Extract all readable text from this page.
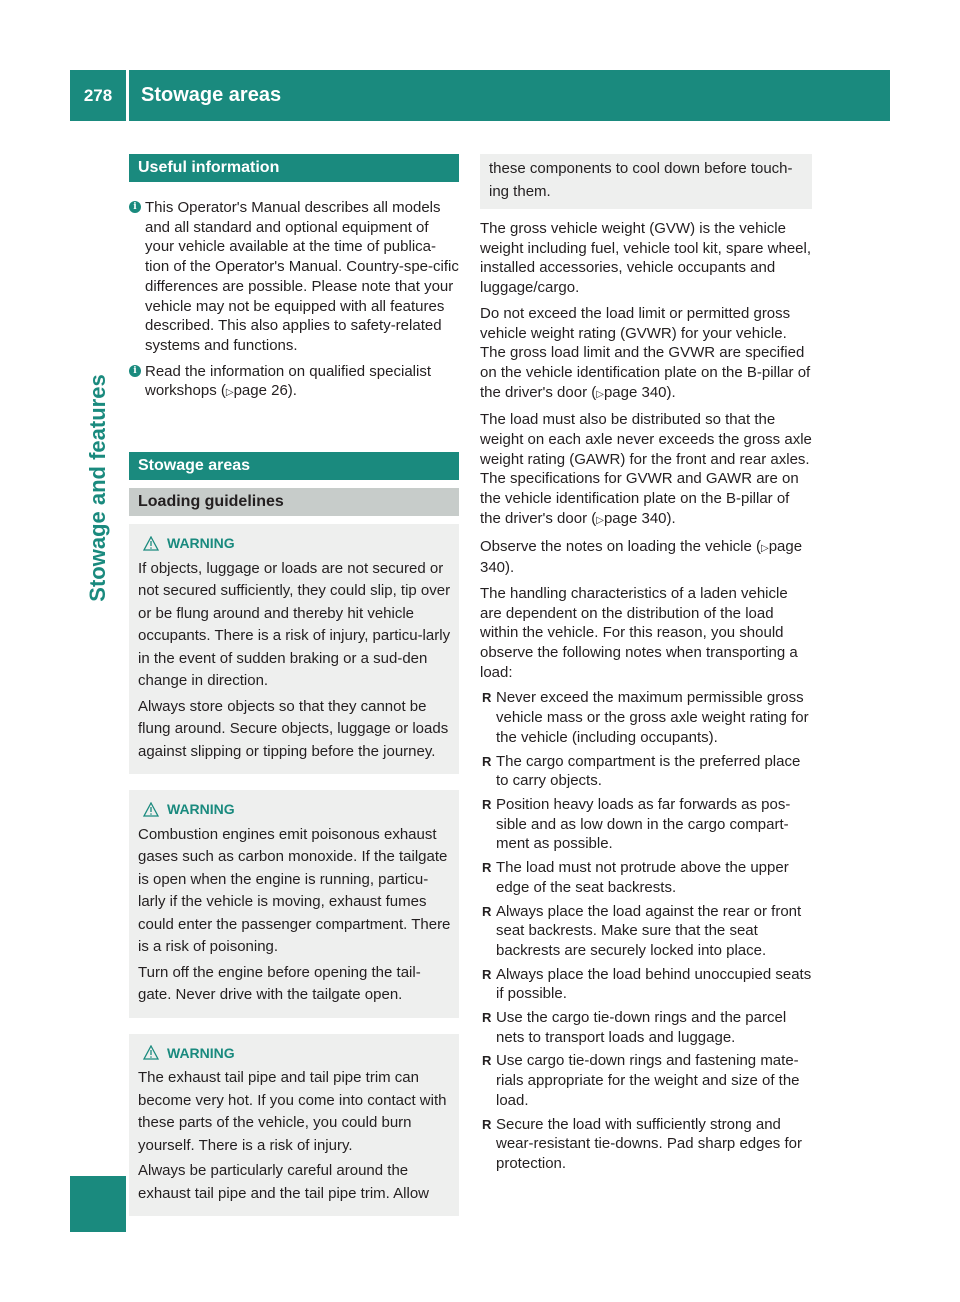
278	Stowage areas
Stowage and features
Useful information
i This Operator's Manual describes all models and all standard and optional equipment of your vehicle available at the time of publica-tion of the Operator's Manual. Country-spe-cific differences are possible. Please note that your vehicle may not be equipped with all features described. This also applies to safety-related systems and functions.
i Read the information on qualified specialist workshops (▷page 26).
Stowage areas
Loading guidelines
WARNING

If objects, luggage or loads are not secured or not secured sufficiently, they could slip, tip over or be flung around and thereby hit vehicle occupants. There is a risk of injury, particu-larly in the event of sudden braking or a sud-den change in direction.

Always store objects so that they cannot be flung around. Secure objects, luggage or loads against slipping or tipping before the journey.

WARNING

Combustion engines emit poisonous exhaust gases such as carbon monoxide. If the tailgate is open when the engine is running, particu-larly if the vehicle is moving, exhaust fumes could enter the passenger compartment. There is a risk of poisoning.

Turn off the engine before opening the tail-gate. Never drive with the tailgate open.

WARNING

The exhaust tail pipe and tail pipe trim can become very hot. If you come into contact with these parts of the vehicle, you could burn yourself. There is a risk of injury.

Always be particularly careful around the exhaust tail pipe and the tail pipe trim. Allow

these components to cool down before touch-ing them.

The gross vehicle weight (GVW) is the vehicle weight including fuel, vehicle tool kit, spare wheel, installed accessories, vehicle occupants and luggage/cargo.

Do not exceed the load limit or permitted gross vehicle weight rating (GVWR) for your vehicle. The gross load limit and the GVWR are specified on the vehicle identification plate on the B-pillar of the driver's door (▷page 340).

The load must also be distributed so that the weight on each axle never exceeds the gross axle weight rating (GAWR) for the front and rear axles. The specifications for GVWR and GAWR are on the vehicle identification plate on the B-pillar of the driver's door (▷page 340).

Observe the notes on loading the vehicle (▷page 340).

The handling characteristics of a laden vehicle are dependent on the distribution of the load within the vehicle. For this reason, you should observe the following notes when transporting a load:

R Never exceed the maximum permissible gross vehicle mass or the gross axle weight rating for the vehicle (including occupants).
R The cargo compartment is the preferred place to carry objects.
R Position heavy loads as far forwards as pos-sible and as low down in the cargo compart-ment as possible.
R The load must not protrude above the upper edge of the seat backrests.
R Always place the load against the rear or front seat backrests. Make sure that the seat backrests are securely locked into place.
R Always place the load behind unoccupied seats if possible.
R Use the cargo tie-down rings and the parcel nets to transport loads and luggage.
R Use cargo tie-down rings and fastening mate-rials appropriate for the weight and size of the load.
R Secure the load with sufficiently strong and wear-resistant tie-downs. Pad sharp edges for protection.
